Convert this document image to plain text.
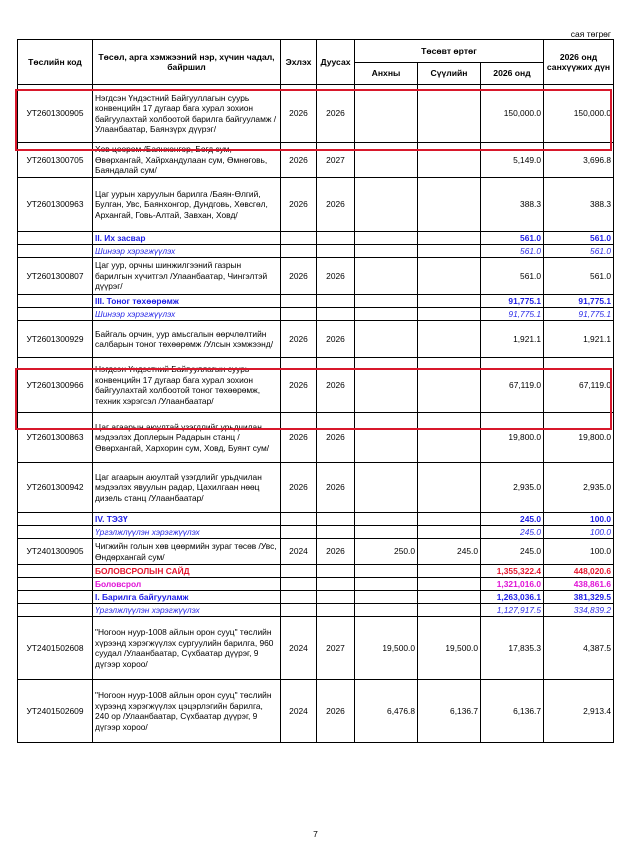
сая төгрөг
Төслийн код	Төсөл, арга хэмжээний нэр, хүчин чадал, байршил	Эхлэх	Дуусах	Төсөвт өртөг			2026 онд санхүүжих дүн
				Анхны	Сүүлийн	2026 онд	
УТ2601300905	Нэгдсэн Үндэстний Байгууллагын суурь конвенцийн 17 дугаар бага хурал зохион байгуулахтай холбоотой барилга байгууламж /Улаанбаатар, Баянзүрх дүүрэг/	2026	2026			150,000.0	150,000.0
УТ2601300705	Хөв цөөрөм /Баянхонгор, Богд сум, Өвөрхангай, Хайрхандулаан сум, Өмнөговь, Баяндалай сум/	2026	2027			5,149.0	3,696.8
УТ2601300963	Цаг уурын харуулын барилга /Баян-Өлгий, Булган, Увс, Баянхонгор, Дундговь, Хөвсгөл, Архангай, Говь-Алтай, Завхан, Ховд/	2026	2026			388.3	388.3
	II. Их засвар					561.0	561.0
	Шинээр хэрэгжүүлэх					561.0	561.0
УТ2601300807	Цаг уур, орчны шинжилгээний газрын барилгын хүчитгэл /Улаанбаатар, Чингэлтэй дүүрэг/	2026	2026			561.0	561.0
	III. Тоног төхөөрөмж					91,775.1	91,775.1
	Шинээр хэрэгжүүлэх					91,775.1	91,775.1
УТ2601300929	Байгаль орчин, уур амьсгалын өөрчлөлтийн салбарын тоног төхөөрөмж /Улсын хэмжээнд/	2026	2026			1,921.1	1,921.1
УТ2601300966	Нэгдсэн Үндэстний Байгууллагын суурь конвенцийн 17 дугаар бага хурал зохион байгуулахтай холбоотой тоног төхөөрөмж, техник хэрэгсэл /Улаанбаатар/	2026	2026			67,119.0	67,119.0
УТ2601300863	Цаг агаарын аюултай үзэгдлийг урьдчилан мэдээлэх Доплерын Радарын станц /Өвөрхангай, Хархорин сум, Ховд, Буянт сум/	2026	2026			19,800.0	19,800.0
УТ2601300942	Цаг агаарын аюултай үзэгдлийг урьдчилан мэдээлэх явуулын радар, Цахилгаан нөөц дизель станц /Улаанбаатар/	2026	2026			2,935.0	2,935.0
	IV. ТЭЗҮ					245.0	100.0
	Үргэлжлүүлэн хэрэгжүүлэх					245.0	100.0
УТ2401300905	Чигжийн голын хөв цөөрмийн зураг төсөв /Увс, Өндөрхангай сум/	2024	2026	250.0	245.0	245.0	100.0
	БОЛОВСРОЛЫН САЙД					1,355,322.4	448,020.6
	Боловсрол					1,321,016.0	438,861.6
	I. Барилга байгууламж					1,263,036.1	381,329.5
	Үргэлжлүүлэн хэрэгжүүлэх					1,127,917.5	334,839.2
УТ2401502608	"Ногоон нуур-1008 айлын орон сууц" төслийн хүрээнд хэрэгжүүлэх сургуулийн барилга, 960 суудал /Улаанбаатар, Сүхбаатар дүүрэг, 9 дүгээр хороо/	2024	2027	19,500.0	19,500.0	17,835.3	4,387.5
УТ2401502609	"Ногоон нуур-1008 айлын орон сууц" төслийн хүрээнд хэрэгжүүлэх цэцэрлэгийн барилга, 240 ор /Улаанбаатар, Сүхбаатар дүүрэг, 9 дүгээр хороо/	2024	2026	6,476.8	6,136.7	6,136.7	2,913.4
7
